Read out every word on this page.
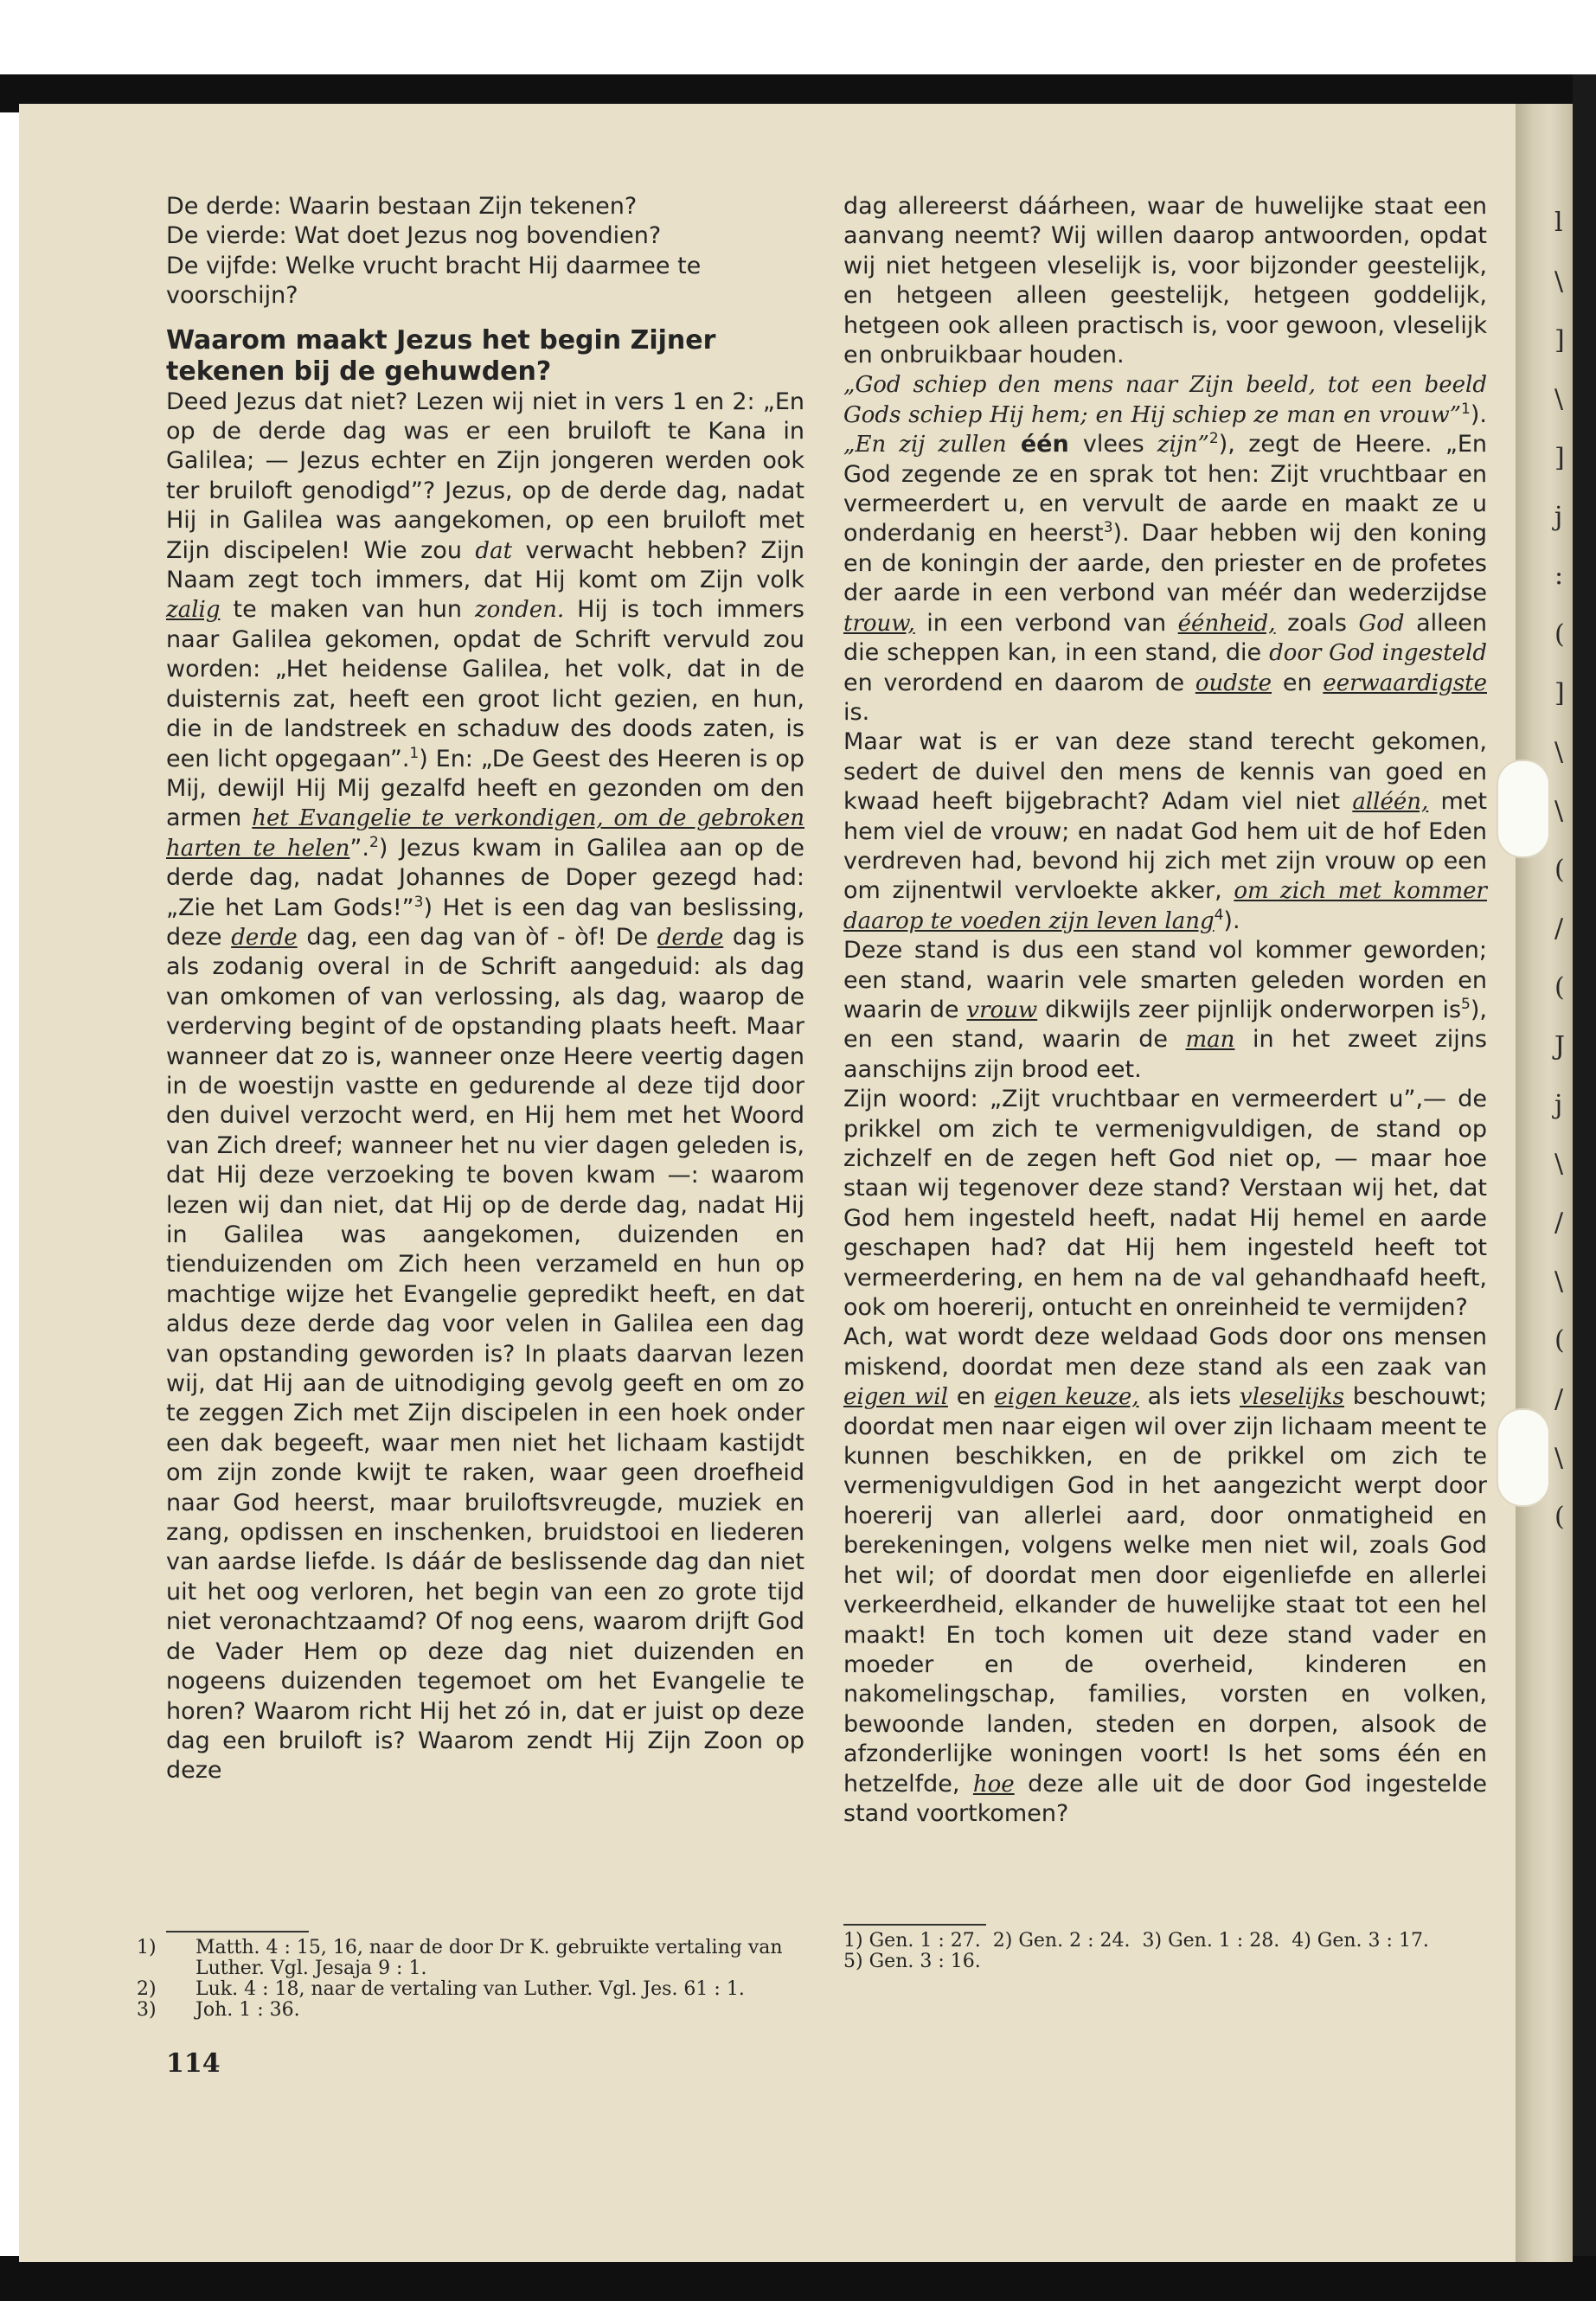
l
\
]
\
]
j
:
(
]
\
\
(
/
(
J
j
\
/
\
(
/
\
(

De derde: Waarin bestaan Zijn tekenen?

De vierde: Wat doet Jezus nog bovendien?

De vijfde: Welke vrucht bracht Hij daarmee te voorschijn?

Waarom maakt Jezus het begin Zijner tekenen bij de gehuwden?

Deed Jezus dat niet? Lezen wij niet in vers 1 en 2: „En op de derde dag was er een bruiloft te Kana in Galilea; — Jezus echter en Zijn jongeren werden ook ter bruiloft genodigd”? Jezus, op de derde dag, nadat Hij in Galilea was aangekomen, op een bruiloft met Zijn discipelen! Wie zou dat verwacht hebben? Zijn Naam zegt toch immers, dat Hij komt om Zijn volk zalig te maken van hun zonden. Hij is toch immers naar Galilea gekomen, opdat de Schrift vervuld zou worden: „Het heidense Galilea, het volk, dat in de duisternis zat, heeft een groot licht gezien, en hun, die in de landstreek en schaduw des doods zaten, is een licht opgegaan”.$^1$) En: „De Geest des Heeren is op Mij, dewijl Hij Mij gezalfd heeft en gezonden om den armen het Evangelie te verkondigen, om de gebroken harten te helen”.$^2$) Jezus kwam in Galilea aan op de derde dag, nadat Johannes de Doper gezegd had: „Zie het Lam Gods!”$^3$) Het is een dag van beslissing, deze derde dag, een dag van òf - òf! De derde dag is als zodanig overal in de Schrift aangeduid: als dag van omkomen of van verlossing, als dag, waarop de verderving begint of de opstanding plaats heeft. Maar wanneer dat zo is, wanneer onze Heere veertig dagen in de woestijn vastte en gedurende al deze tijd door den duivel verzocht werd, en Hij hem met het Woord van Zich dreef; wanneer het nu vier dagen geleden is, dat Hij deze verzoeking te boven kwam —: waarom lezen wij dan niet, dat Hij op de derde dag, nadat Hij in Galilea was aangekomen, duizenden en tienduizenden om Zich heen verzameld en hun op machtige wijze het Evangelie gepredikt heeft, en dat aldus deze derde dag voor velen in Galilea een dag van opstanding geworden is? In plaats daarvan lezen wij, dat Hij aan de uitnodiging gevolg geeft en om zo te zeggen Zich met Zijn discipelen in een hoek onder een dak begeeft, waar men niet het lichaam kastijdt om zijn zonde kwijt te raken, waar geen droefheid naar God heerst, maar bruiloftsvreugde, muziek en zang, opdissen en inschenken, bruidstooi en liederen van aardse liefde. Is dáár de beslissende dag dan niet uit het oog verloren, het begin van een zo grote tijd niet veronachtzaamd? Of nog eens, waarom drijft God de Vader Hem op deze dag niet duizenden en nogeens duizenden tegemoet om het Evangelie te horen? Waarom richt Hij het zó in, dat er juist op deze dag een bruiloft is? Waarom zendt Hij Zijn Zoon op deze

1) Matth. 4 : 15, 16, naar de door Dr K. gebruikte vertaling van Luther. Vgl. Jesaja 9 : 1.
2) Luk. 4 : 18, naar de vertaling van Luther. Vgl. Jes. 61 : 1.
3) Joh. 1 : 36.
114

dag allereerst dáárheen, waar de huwelijke staat een aanvang neemt? Wij willen daarop antwoorden, opdat wij niet hetgeen vleselijk is, voor bijzonder geestelijk, en hetgeen alleen geestelijk, hetgeen goddelijk, hetgeen ook alleen practisch is, voor gewoon, vleselijk en onbruikbaar houden.

„God schiep den mens naar Zijn beeld, tot een beeld Gods schiep Hij hem; en Hij schiep ze man en vrouw”$^1$). „En zij zullen één vlees zijn”$^2$), zegt de Heere. „En God zegende ze en sprak tot hen: Zijt vruchtbaar en vermeerdert u, en vervult de aarde en maakt ze u onderdanig en heerst$^3$). Daar hebben wij den koning en de koningin der aarde, den priester en de profetes der aarde in een verbond van méér dan wederzijdse trouw, in een verbond van éénheid, zoals God alleen die scheppen kan, in een stand, die door God ingesteld en verordend en daarom de oudste en eerwaardigste is.

Maar wat is er van deze stand terecht gekomen, sedert de duivel den mens de kennis van goed en kwaad heeft bijgebracht? Adam viel niet alléén, met hem viel de vrouw; en nadat God hem uit de hof Eden verdreven had, bevond hij zich met zijn vrouw op een om zijnentwil vervloekte akker, om zich met kommer daarop te voeden zijn leven lang$^4$).

Deze stand is dus een stand vol kommer geworden; een stand, waarin vele smarten geleden worden en waarin de vrouw dikwijls zeer pijnlijk onderworpen $is^5$), en een stand, waarin de man in het zweet zijns aanschijns zijn brood eet.

Zijn woord: „Zijt vruchtbaar en vermeerdert u”,— de prikkel om zich te vermenigvuldigen, de stand op zichzelf en de zegen heft God niet op, — maar hoe staan wij tegenover deze stand? Verstaan wij het, dat God hem ingesteld heeft, nadat Hij hemel en aarde geschapen had? dat Hij hem ingesteld heeft tot vermeerdering, en hem na de val gehandhaafd heeft, ook om hoererij, ontucht en onreinheid te vermijden?

Ach, wat wordt deze weldaad Gods door ons mensen miskend, doordat men deze stand als een zaak van eigen wil en eigen keuze, als iets vleselijks beschouwt; doordat men naar eigen wil over zijn lichaam meent te kunnen beschikken, en de prikkel om zich te vermenigvuldigen God in het aangezicht werpt door hoererij van allerlei aard, door onmatigheid en berekeningen, volgens welke men niet wil, zoals God het wil; of doordat men door eigenliefde en allerlei verkeerdheid, elkander de huwelijke staat tot een hel maakt! En toch komen uit deze stand vader en moeder en de overheid, kinderen en nakomelingschap, families, vorsten en volken, bewoonde landen, steden en dorpen, alsook de afzonderlijke woningen voort! Is het soms één en hetzelfde, hoe deze alle uit de door God ingestelde stand voortkomen?

1) Gen. 1 : 27. 2) Gen. 2 : 24. 3) Gen. 1 : 28. 4) Gen. 3 : 17.
5) Gen. 3 : 16.
